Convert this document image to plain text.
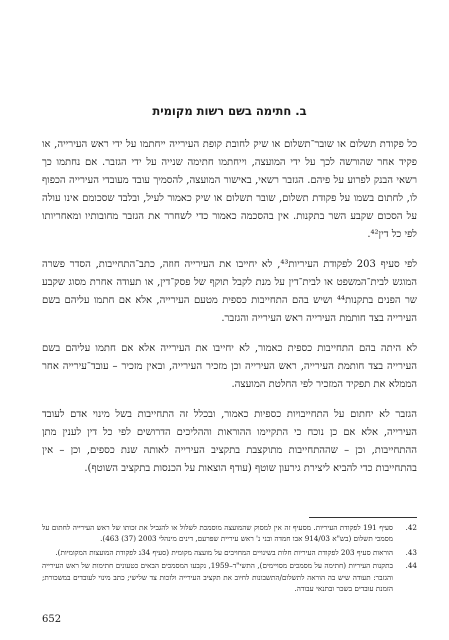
ב. חתימה בשם רשות מקומית

כל פקודת תשלום או שובר־תשלום או שיק לחובת קופת העירייה ייחתמו על ידי ראש העירייה, או פקיד אחר שהורשה לכך על ידי המועצה, וייחתמו חתימה שנייה על ידי הגזבר. אם נחתמו כך רשאי הבנק לפרוע על פיהם. הגזבר רשאי, באישור המועצה, להסמיך עובד מעובדי העירייה הכפוף לו, לחתום בשמו על פקודת תשלום, שובר תשלום או שיק כאמור לעיל, ובלבד שסכומם אינו עולה על הסכום שקבע השר בתקנות. אין בהסכמה כאמור כדי לשחרר את הגזבר מחובותיו ומאחריותו לפי כל דין⁴².

לפי סעיף 203 לפקודת העיריות⁴³, לא יחייבו את העירייה חוזה, כתב־התחייבות, הסדר פשרה המוגש לבית־המשפט או לבית־דין על מנת לקבל תוקף של פסק־דין, או תעודה אחרת מסוג שקבע שר הפנים בתקנות⁴⁴ ושיש בהם התחייבות כספית מטעם העירייה, אלא אם חתמו עליהם בשם העירייה בצד חותמת העירייה ראש העירייה והגזבר.

לא היתה בהם התחייבות כספית כאמור, לא יחייבו את העירייה אלא אם חתמו עליהם בשם העירייה בצד חותמת העירייה, ראש העירייה וכן מזכיר העירייה, ובאין מזכיר – עובד־עירייה אחר הממלא את תפקיד המזכיר לפי החלטת המועצה.

הגזבר לא יחתום על התחייבויות כספיות כאמור, ובכלל זה התחייבות בשל מינוי אדם לעובד העירייה, אלא אם כן נוכח כי התקיימו ההוראות וההליכים הדרושים לפי כל דין לענין מתן ההתחייבות, וכן – שההתחייבות מתוקצבת בתקציב העירייה לאותה שנת כספים, וכן – אין בהתחייבות כדי להביא ליצירת גירעון שוטף (עודף הוצאות על הכנסות בתקציב השוטף).

42.
סעיף 191 לפקודת העיריות. מסעיף זה אין למסוק שהמועצה מוסמכת לשלול או להגביל את זכותו של ראש העירייה לחתום על מסמכי תשלום (בש"א 914/03 אבו חמדה ובני נ' ראש עיריית שפרעם, דינים מינהלי 2003 (37) 463).
43.
הוראות סעיף 203 לפקודת העיריות חלות בשינויים המחויבים על מועצה מקומית (סעיף 34נ לפקודת המועצות המקומיות).
44.
בתקנות העיריות (חתימה על מסמכים מסויימים), התשי"ד–1959, נקבעו המסמכים הבאים כטעונים חתימות של ראש העירייה והגזבר: תעודה שיש בה הוראה לתשלום/התשבונות לחיוב את תקציב העירייה ולזכות צד שלישי; כתב מינוי לעובדים במשכורת; הזמנת עובדים בשכר ובתנאי עבודה.

652
